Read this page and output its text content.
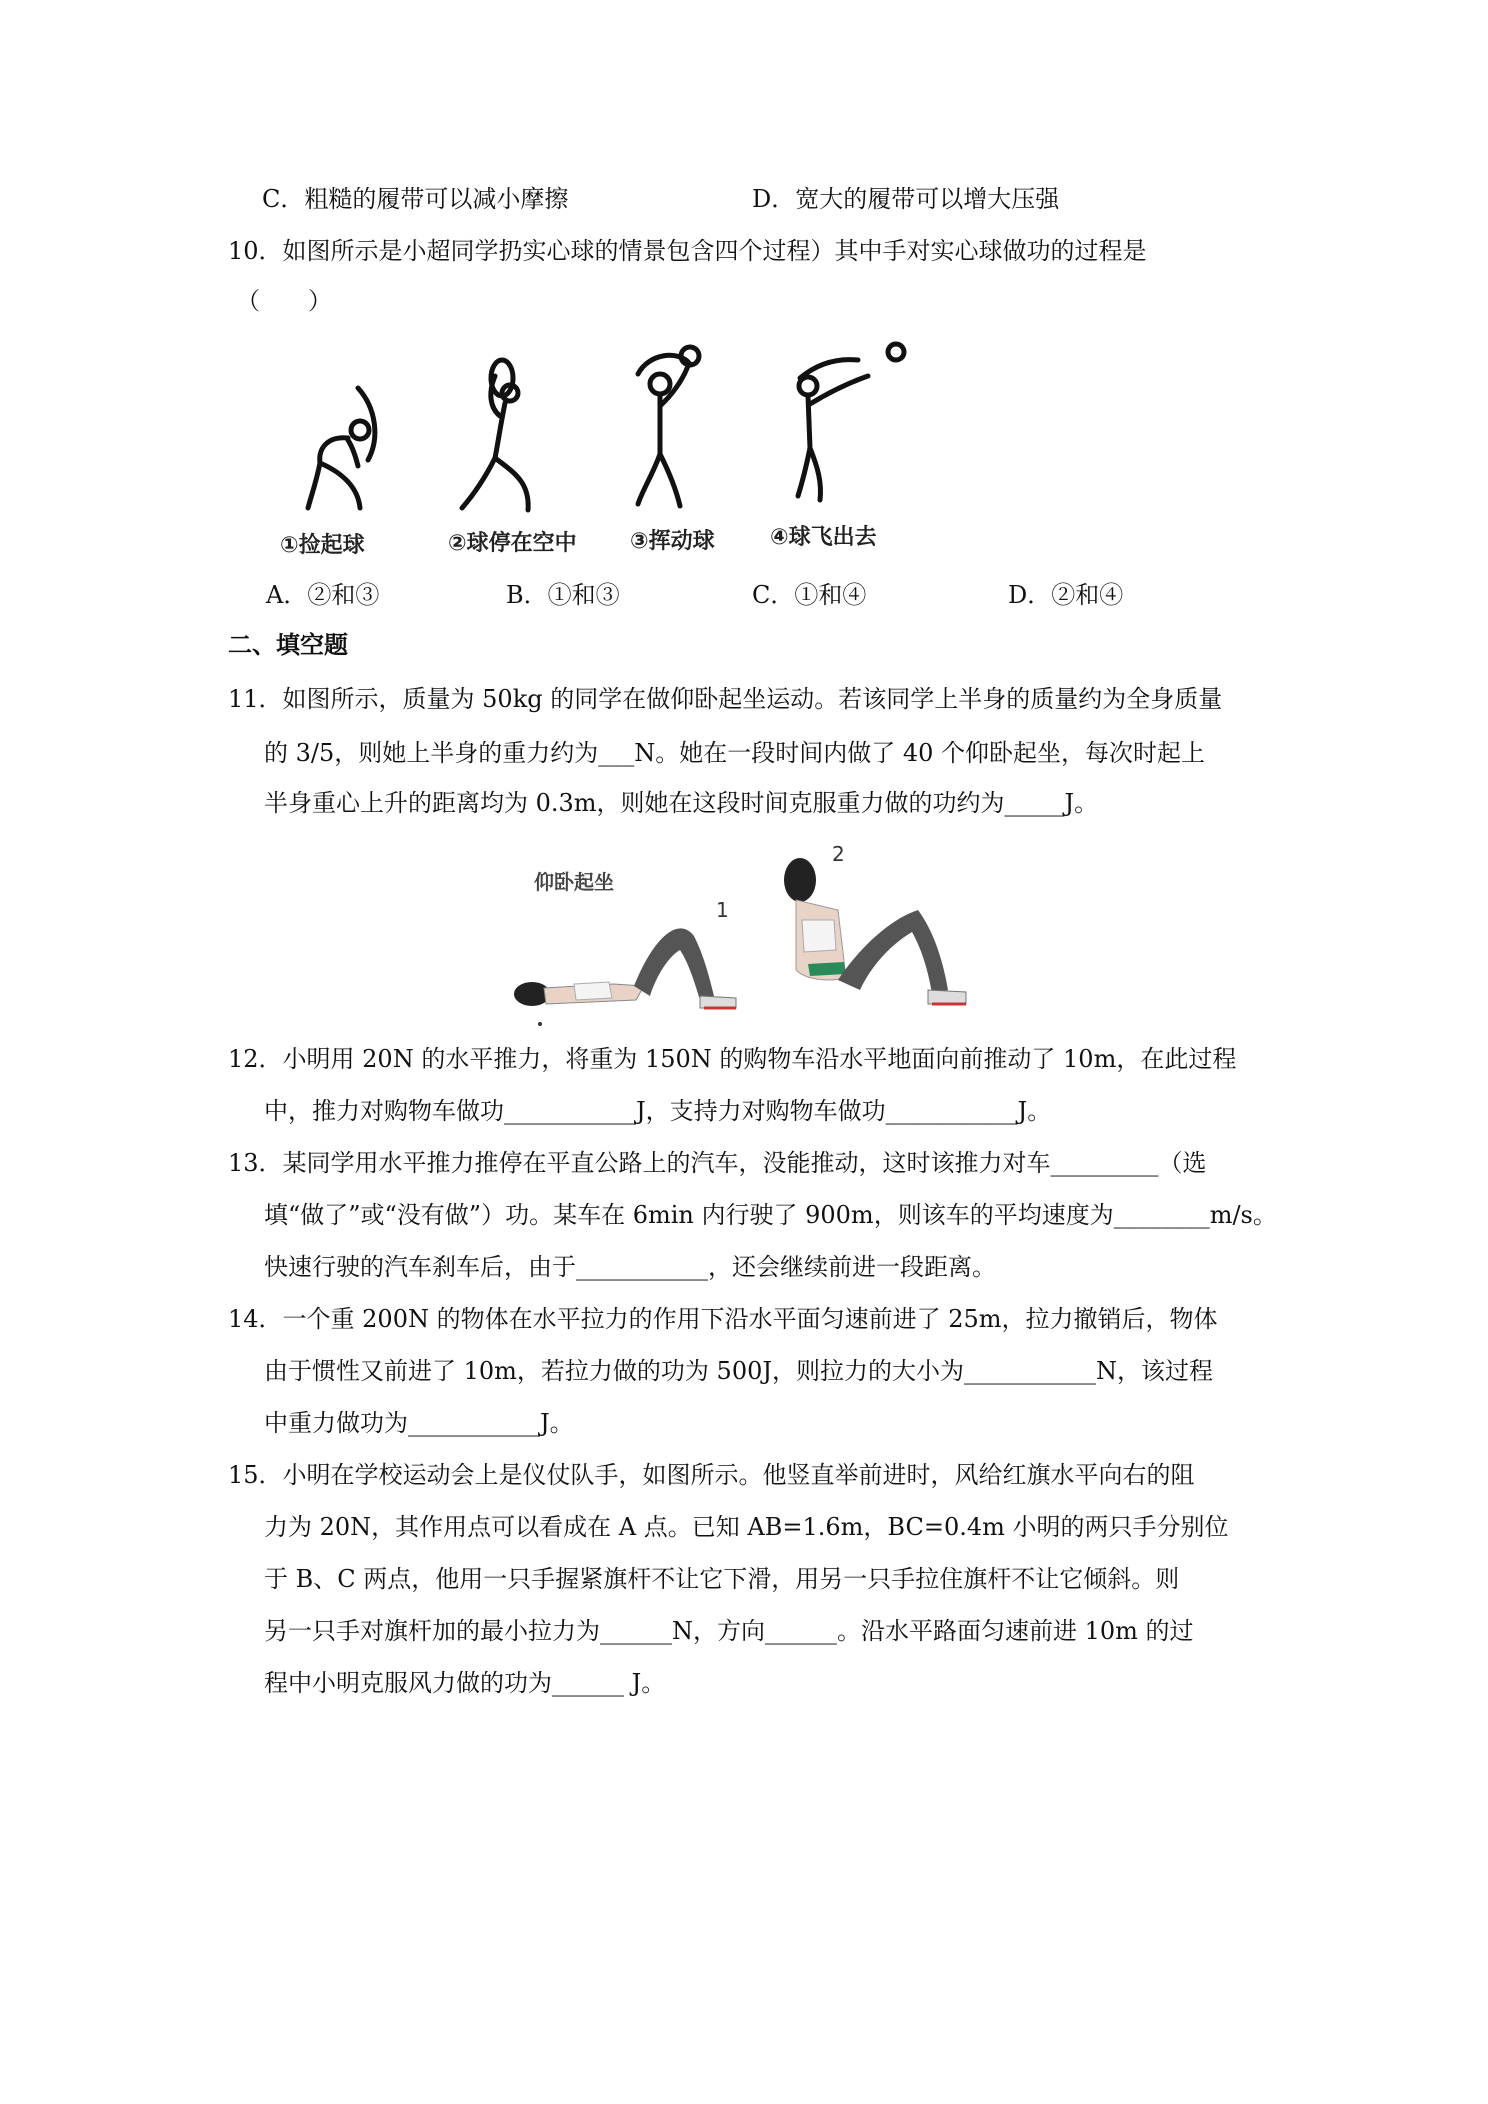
C．粗糙的履带可以减小摩擦	D．宽大的履带可以增大压强
10．如图所示是小超同学扔实心球的情景包含四个过程）其中手对实心球做功的过程是
（　　）
①捡起球	②球停在空中 ③挥动球	④球飞出去
A．②和③	B．①和③	C．①和④	D．②和④
二、填空题
11．如图所示，质量为 50kg 的同学在做仰卧起坐运动。若该同学上半身的质量约为全身质量
的 3/5，则她上半身的重力约为___N。她在一段时间内做了 40 个仰卧起坐，每次时起上
半身重心上升的距离均为 0.3m，则她在这段时间克服重力做的功约为_____J。
仰卧起坐
1
2
12．小明用 20N 的水平推力，将重为 150N 的购物车沿水平地面向前推动了 10m，在此过程
中，推力对购物车做功___________J，支持力对购物车做功___________J。
13．某同学用水平推力推停在平直公路上的汽车，没能推动，这时该推力对车_________（选
填“做了”或“没有做”）功。某车在 6min 内行驶了 900m，则该车的平均速度为________m/s。
快速行驶的汽车刹车后，由于___________，还会继续前进一段距离。
14．一个重 200N 的物体在水平拉力的作用下沿水平面匀速前进了 25m，拉力撤销后，物体
由于惯性又前进了 10m，若拉力做的功为 500J，则拉力的大小为___________N，该过程
中重力做功为___________J。
15．小明在学校运动会上是仪仗队手，如图所示。他竖直举前进时，风给红旗水平向右的阻
力为 20N，其作用点可以看成在 A 点。已知 AB=1.6m，BC=0.4m 小明的两只手分别位
于 B、C 两点，他用一只手握紧旗杆不让它下滑，用另一只手拉住旗杆不让它倾斜。则
另一只手对旗杆加的最小拉力为______N，方向______。沿水平路面匀速前进 10m 的过
程中小明克服风力做的功为______ J。
